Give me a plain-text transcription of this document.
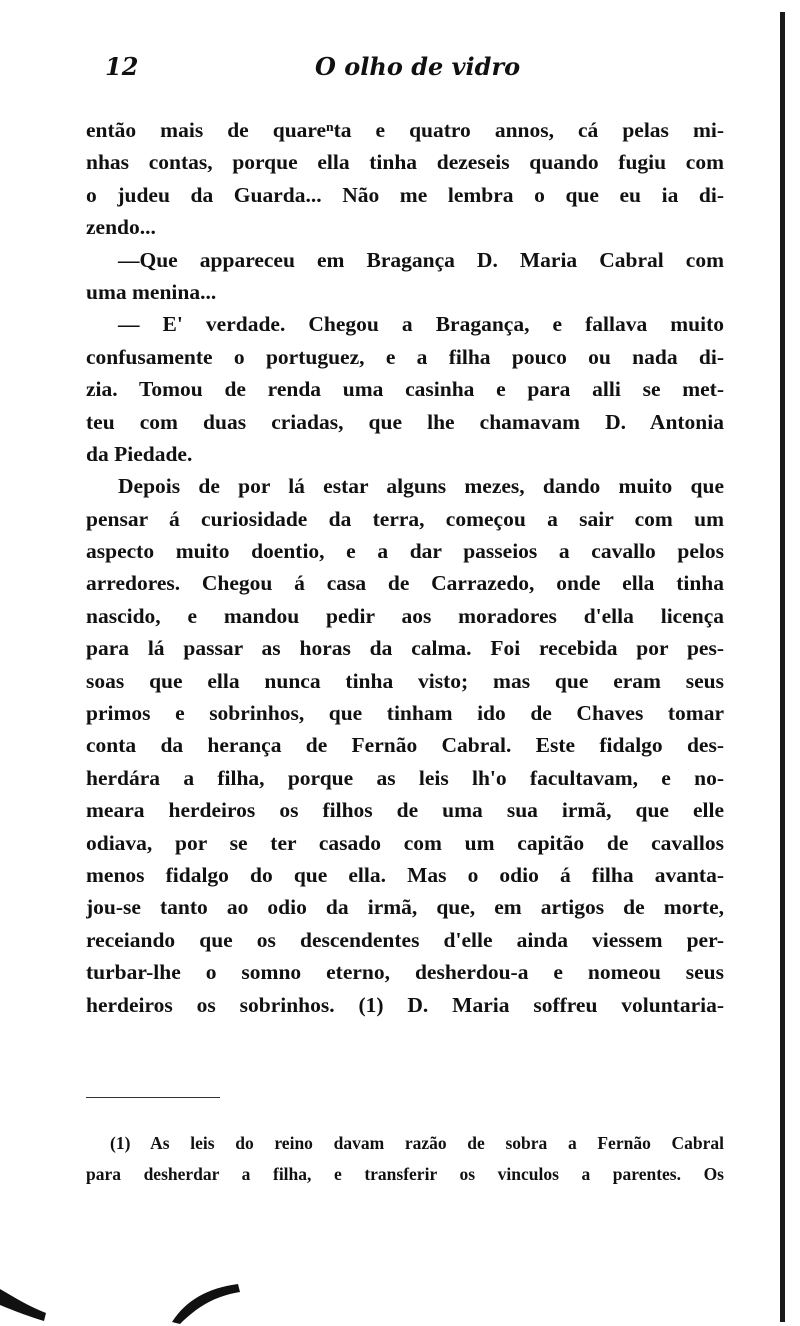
12	O olho de vidro
então mais de quareⁿta e quatro annos, cá pelas mi-
nhas contas, porque ella tinha dezeseis quando fugiu com
o judeu da Guarda... Não me lembra o que eu ia di-
zendo...
—Que appareceu em Bragança D. Maria Cabral com
uma menina...
— E' verdade. Chegou a Bragança, e fallava muito
confusamente o portuguez, e a filha pouco ou nada di-
zia. Tomou de renda uma casinha e para alli se met-
teu com duas criadas, que lhe chamavam D. Antonia
da Piedade.
Depois de por lá estar alguns mezes, dando muito que
pensar á curiosidade da terra, começou a sair com um
aspecto muito doentio, e a dar passeios a cavallo pelos
arredores. Chegou á casa de Carrazedo, onde ella tinha
nascido, e mandou pedir aos moradores d'ella licença
para lá passar as horas da calma. Foi recebida por pes-
soas que ella nunca tinha visto; mas que eram seus
primos e sobrinhos, que tinham ido de Chaves tomar
conta da herança de Fernão Cabral. Este fidalgo des-
herdára a filha, porque as leis lh'o facultavam, e no-
meara herdeiros os filhos de uma sua irmã, que elle
odiava, por se ter casado com um capitão de cavallos
menos fidalgo do que ella. Mas o odio á filha avanta-
jou-se tanto ao odio da irmã, que, em artigos de morte,
receiando que os descendentes d'elle ainda viessem per-
turbar-lhe o somno eterno, desherdou-a e nomeou seus
herdeiros os sobrinhos. (1) D. Maria soffreu voluntaria-
(1) As leis do reino davam razão de sobra a Fernão Cabral
para desherdar a filha, e transferir os vinculos a parentes. Os
